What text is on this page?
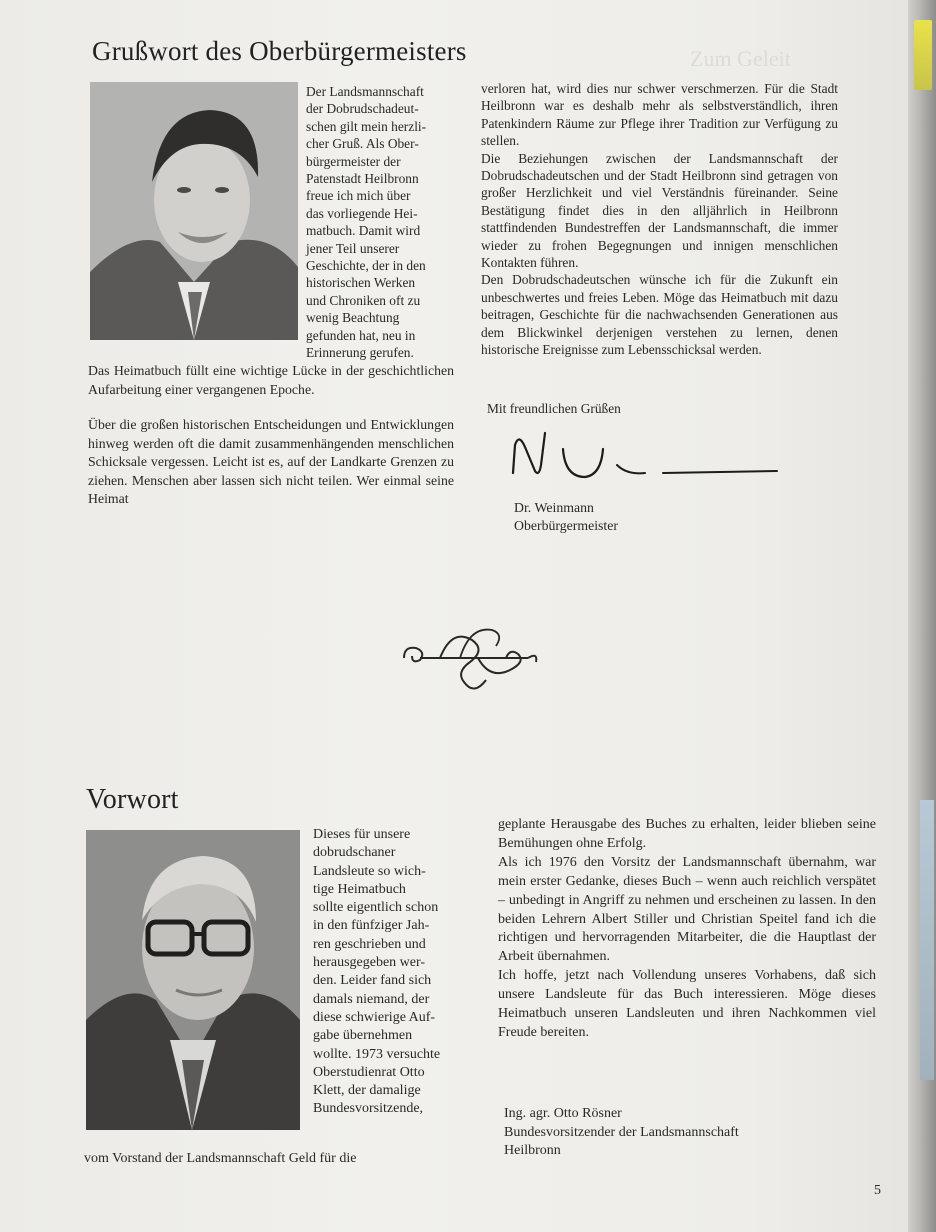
Zum Geleit
Grußwort des Oberbürgermeisters

Der Landsmannschaft

der Dobrudschadeut-

schen gilt mein herzli-

cher Gruß. Als Ober-

bürgermeister der

Patenstadt Heilbronn

freue ich mich über

das vorliegende Hei-

matbuch. Damit wird

jener Teil unserer

Geschichte, der in den

historischen Werken

und Chroniken oft zu

wenig Beachtung

gefunden hat, neu in

Erinnerung gerufen.

Das Heimatbuch füllt eine wichtige Lücke in der geschichtlichen Aufarbeitung einer vergangenen Epoche.

Über die großen historischen Entscheidungen und Entwicklungen hinweg werden oft die damit zusammenhängenden menschlichen Schicksale vergessen. Leicht ist es, auf der Landkarte Grenzen zu ziehen. Menschen aber lassen sich nicht teilen. Wer einmal seine Heimat

verloren hat, wird dies nur schwer verschmerzen. Für die Stadt Heilbronn war es deshalb mehr als selbstverständlich, ihren Patenkindern Räume zur Pflege ihrer Tradition zur Verfügung zu stellen.

Die Beziehungen zwischen der Landsmannschaft der Dobrudschadeutschen und der Stadt Heilbronn sind getragen von großer Herzlichkeit und viel Verständnis füreinander. Seine Bestätigung findet dies in den alljährlich in Heilbronn stattfindenden Bundestreffen der Landsmannschaft, die immer wieder zu frohen Begegnungen und innigen menschlichen Kontakten führen.

Den Dobrudschadeutschen wünsche ich für die Zukunft ein unbeschwertes und freies Leben. Möge das Heimatbuch mit dazu beitragen, Geschichte für die nachwachsenden Generationen aus dem Blickwinkel derjenigen verstehen zu lernen, denen historische Ereignisse zum Lebensschicksal werden.

Mit freundlichen Grüßen

Dr. Weinmann

Oberbürgermeister

Vorwort

Dieses für unsere

dobrudschaner

Landsleute so wich-

tige Heimatbuch

sollte eigentlich schon

in den fünfziger Jah-

ren geschrieben und

herausgegeben wer-

den. Leider fand sich

damals niemand, der

diese schwierige Auf-

gabe übernehmen

wollte. 1973 versuchte

Oberstudienrat Otto

Klett, der damalige

Bundesvorsitzende,

vom Vorstand der Landsmannschaft Geld für die

geplante Herausgabe des Buches zu erhalten, leider blieben seine Bemühungen ohne Erfolg.

Als ich 1976 den Vorsitz der Landsmannschaft übernahm, war mein erster Gedanke, dieses Buch – wenn auch reichlich verspätet – unbedingt in Angriff zu nehmen und erscheinen zu lassen. In den beiden Lehrern Albert Stiller und Christian Speitel fand ich die richtigen und hervorragenden Mitarbeiter, die die Hauptlast der Arbeit übernahmen.

Ich hoffe, jetzt nach Vollendung unseres Vorhabens, daß sich unsere Landsleute für das Buch interessieren. Möge dieses Heimatbuch unseren Landsleuten und ihren Nachkommen viel Freude bereiten.

Ing. agr. Otto Rösner

Bundesvorsitzender der Landsmannschaft

Heilbronn

5
